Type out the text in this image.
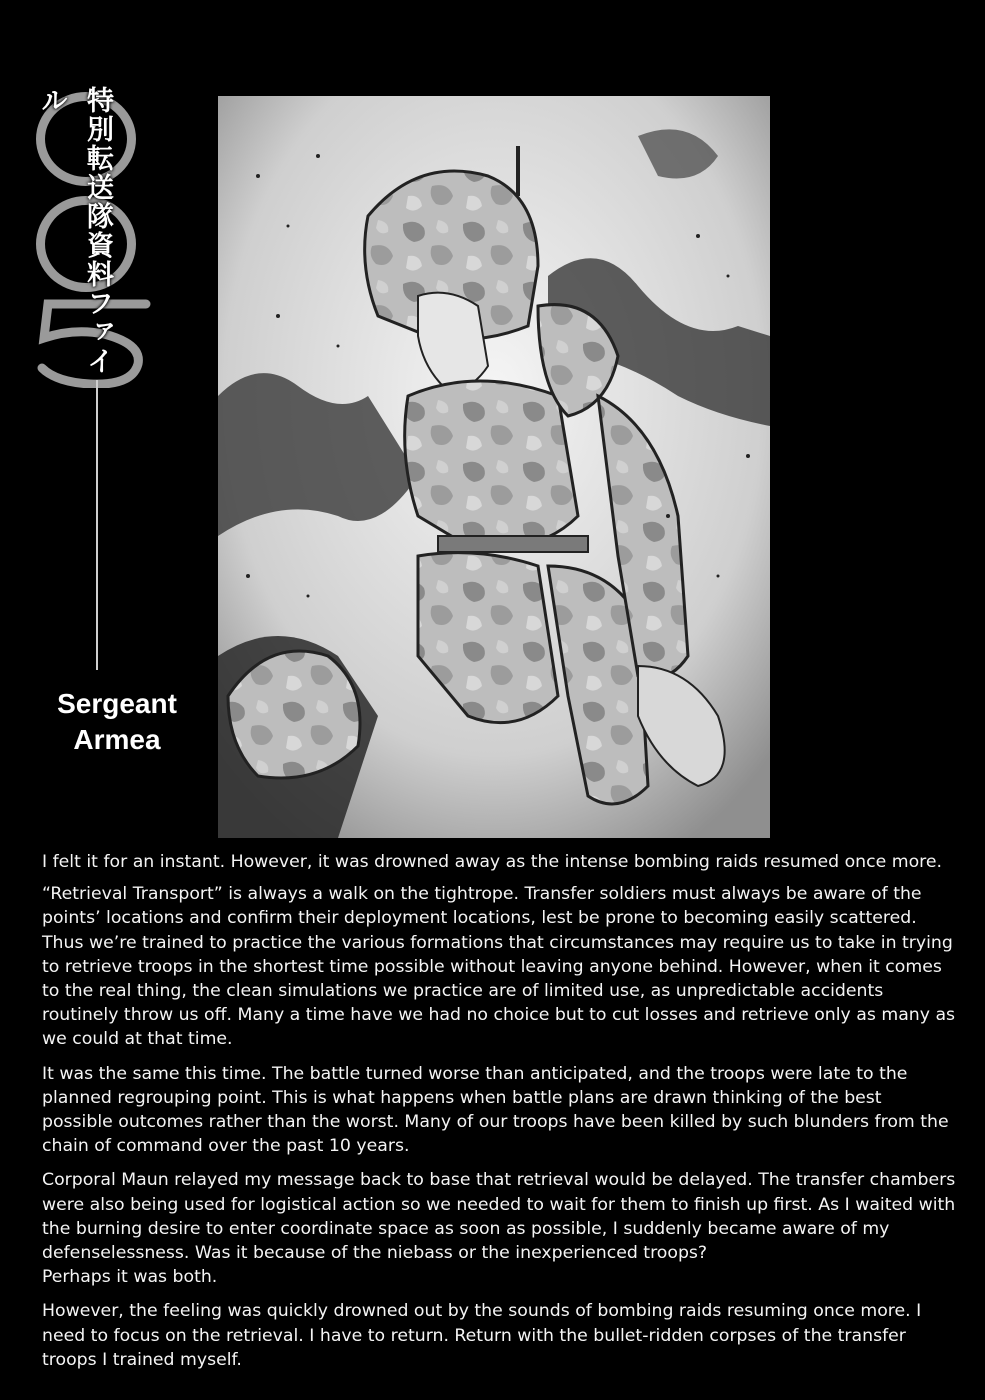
特別転送隊資料ファイル
Sergeant
Armea

I felt it for an instant. However, it was drowned away as the intense bombing raids resumed once more.

“Retrieval Transport” is always a walk on the tightrope. Transfer soldiers must always be aware of the points’ locations and confirm their deployment locations, lest be prone to becoming easily scattered. Thus we’re trained to practice the various formations that circumstances may require us to take in trying to retrieve troops in the shortest time possible without leaving anyone behind. However, when it comes to the real thing, the clean simulations we practice are of limited use, as unpredictable accidents routinely throw us off. Many a time have we had no choice but to cut losses and retrieve only as many as we could at that time.

It was the same this time. The battle turned worse than anticipated, and the troops were late to the planned regrouping point. This is what happens when battle plans are drawn thinking of the best possible outcomes rather than the worst. Many of our troops have been killed by such blunders from the chain of command over the past 10 years.

Corporal Maun relayed my message back to base that retrieval would be delayed. The transfer chambers were also being used for logistical action so we needed to wait for them to finish up first. As I waited with the burning desire to enter coordinate space as soon as possible, I suddenly became aware of my defenselessness. Was it because of the niebass or the inexperienced troops?

Perhaps it was both.

However, the feeling was quickly drowned out by the sounds of bombing raids resuming once more. I need to focus on the retrieval. I have to return. Return with the bullet-ridden corpses of the transfer troops I trained myself.
